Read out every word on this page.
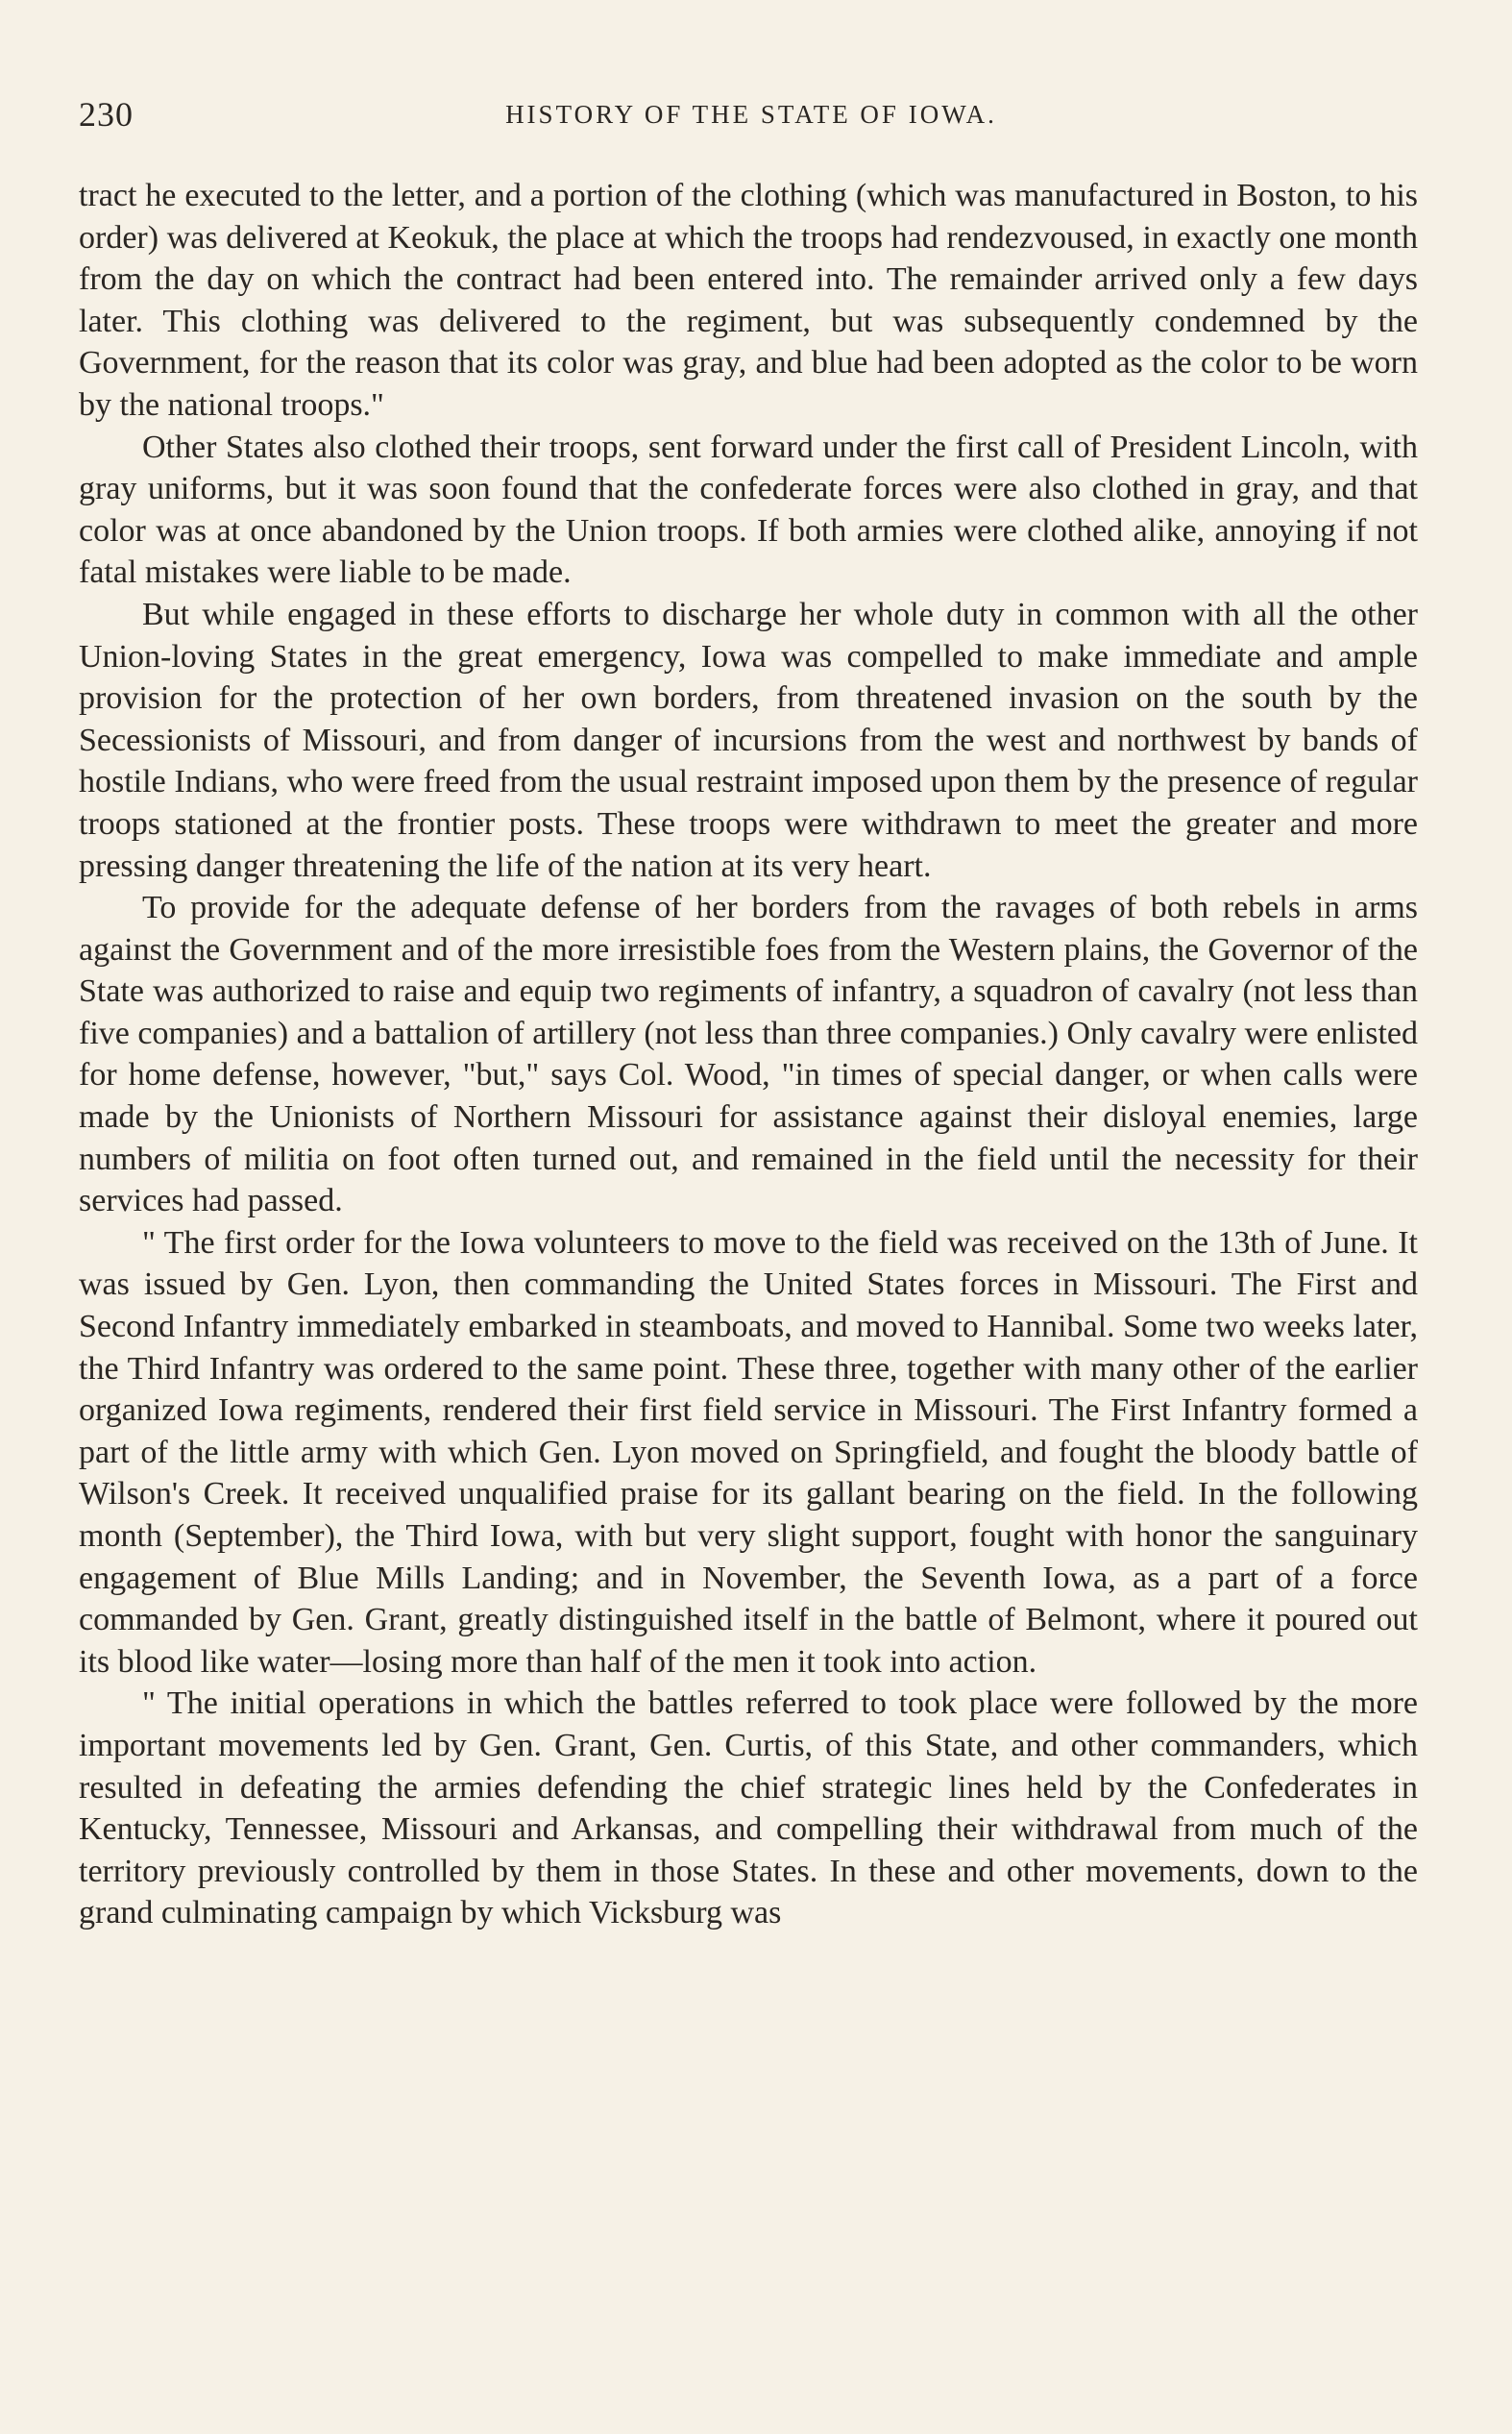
230	HISTORY OF THE STATE OF IOWA.

tract he executed to the letter, and a portion of the clothing (which was manufactured in Boston, to his order) was delivered at Keokuk, the place at which the troops had rendezvoused, in exactly one month from the day on which the contract had been entered into. The remainder arrived only a few days later. This clothing was delivered to the regiment, but was subsequently condemned by the Government, for the reason that its color was gray, and blue had been adopted as the color to be worn by the national troops."

Other States also clothed their troops, sent forward under the first call of President Lincoln, with gray uniforms, but it was soon found that the confederate forces were also clothed in gray, and that color was at once abandoned by the Union troops. If both armies were clothed alike, annoying if not fatal mistakes were liable to be made.

But while engaged in these efforts to discharge her whole duty in common with all the other Union-loving States in the great emergency, Iowa was compelled to make immediate and ample provision for the protection of her own borders, from threatened invasion on the south by the Secessionists of Missouri, and from danger of incursions from the west and northwest by bands of hostile Indians, who were freed from the usual restraint imposed upon them by the presence of regular troops stationed at the frontier posts. These troops were withdrawn to meet the greater and more pressing danger threatening the life of the nation at its very heart.

To provide for the adequate defense of her borders from the ravages of both rebels in arms against the Government and of the more irresistible foes from the Western plains, the Governor of the State was authorized to raise and equip two regiments of infantry, a squadron of cavalry (not less than five companies) and a battalion of artillery (not less than three companies.) Only cavalry were enlisted for home defense, however, "but," says Col. Wood, "in times of special danger, or when calls were made by the Unionists of Northern Missouri for assistance against their disloyal enemies, large numbers of militia on foot often turned out, and remained in the field until the necessity for their services had passed.

" The first order for the Iowa volunteers to move to the field was received on the 13th of June. It was issued by Gen. Lyon, then commanding the United States forces in Missouri. The First and Second Infantry immediately embarked in steamboats, and moved to Hannibal. Some two weeks later, the Third Infantry was ordered to the same point. These three, together with many other of the earlier organized Iowa regiments, rendered their first field service in Missouri. The First Infantry formed a part of the little army with which Gen. Lyon moved on Springfield, and fought the bloody battle of Wilson's Creek. It received unqualified praise for its gallant bearing on the field. In the following month (September), the Third Iowa, with but very slight support, fought with honor the sanguinary engagement of Blue Mills Landing; and in November, the Seventh Iowa, as a part of a force commanded by Gen. Grant, greatly distinguished itself in the battle of Belmont, where it poured out its blood like water—losing more than half of the men it took into action.

" The initial operations in which the battles referred to took place were followed by the more important movements led by Gen. Grant, Gen. Curtis, of this State, and other commanders, which resulted in defeating the armies defending the chief strategic lines held by the Confederates in Kentucky, Tennessee, Missouri and Arkansas, and compelling their withdrawal from much of the territory previously controlled by them in those States. In these and other movements, down to the grand culminating campaign by which Vicksburg was
